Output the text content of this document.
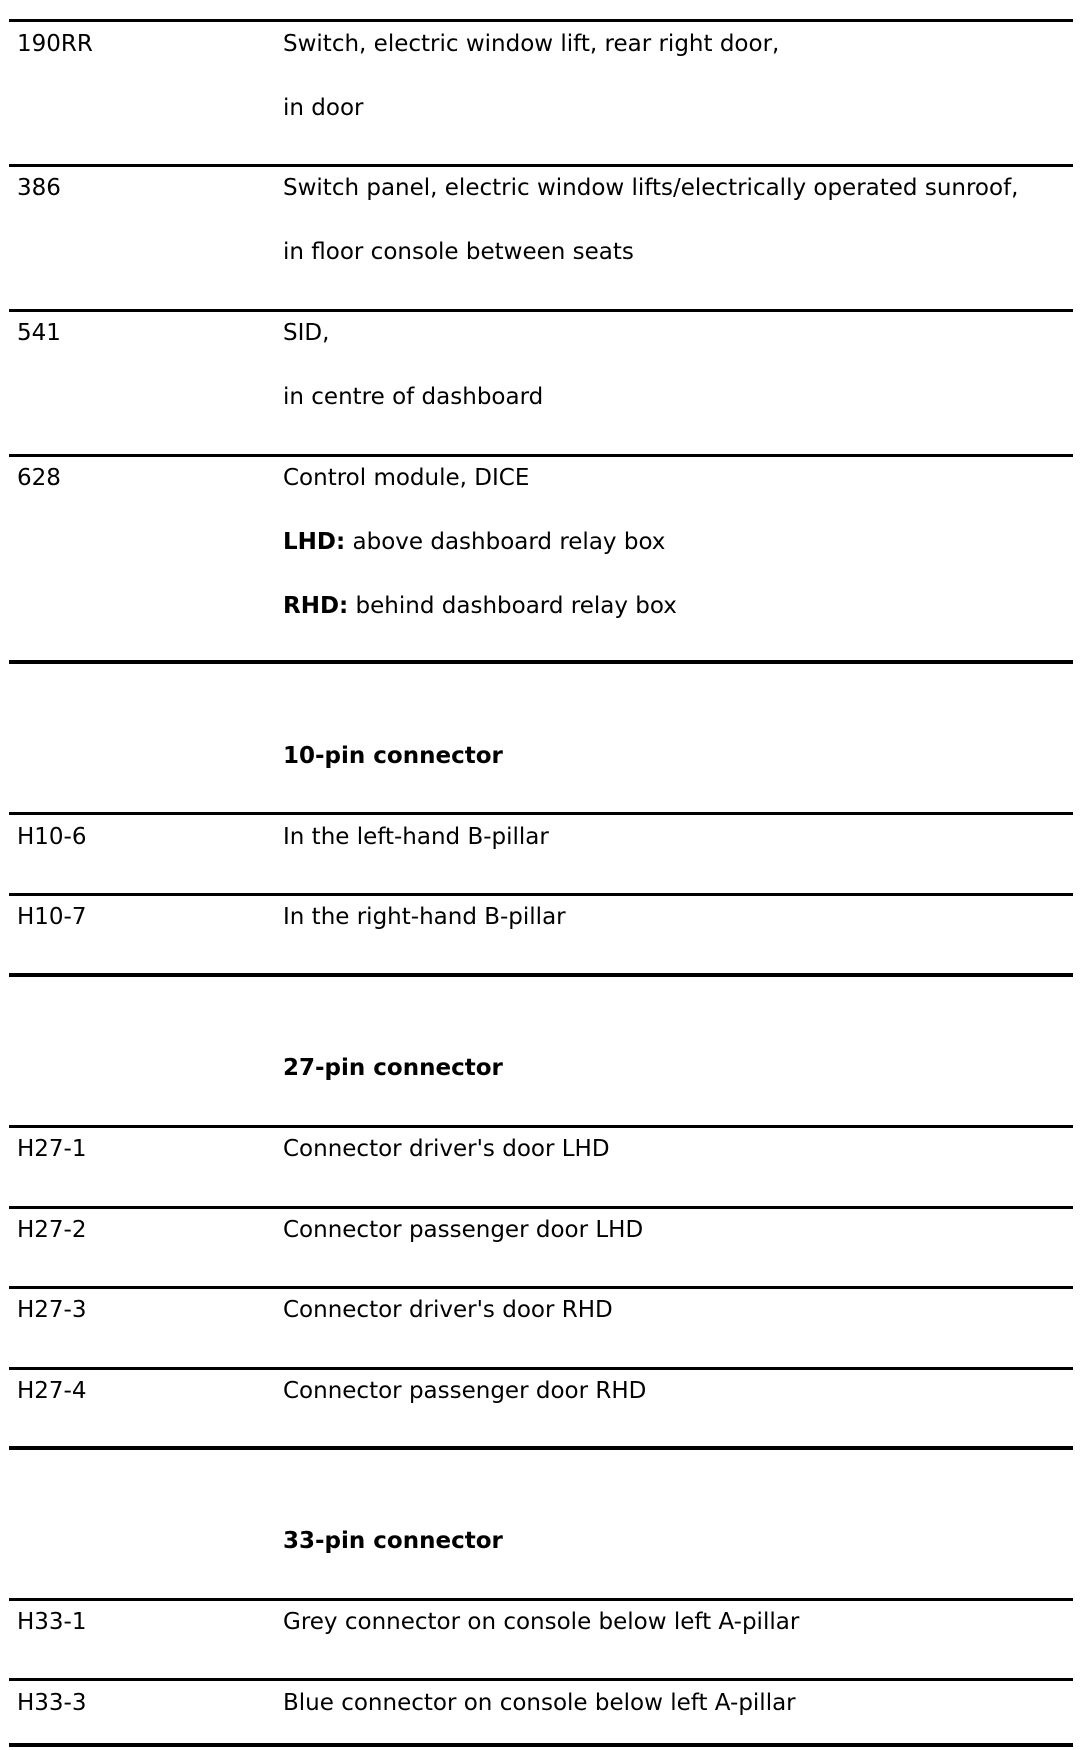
190RR	Switch, electric window lift, rear right door,
in door
386	Switch panel, electric window lifts/electrically operated sunroof,
in floor console between seats
541	SID,
in centre of dashboard
628	Control module, DICE
LHD: above dashboard relay box
RHD: behind dashboard relay box
10-pin connector
H10-6	In the left-hand B-pillar
H10-7	In the right-hand B-pillar
27-pin connector
H27-1	Connector driver's door LHD
H27-2	Connector passenger door LHD
H27-3	Connector driver's door RHD
H27-4	Connector passenger door RHD
33-pin connector
H33-1	Grey connector on console below left A-pillar
H33-3	Blue connector on console below left A-pillar
